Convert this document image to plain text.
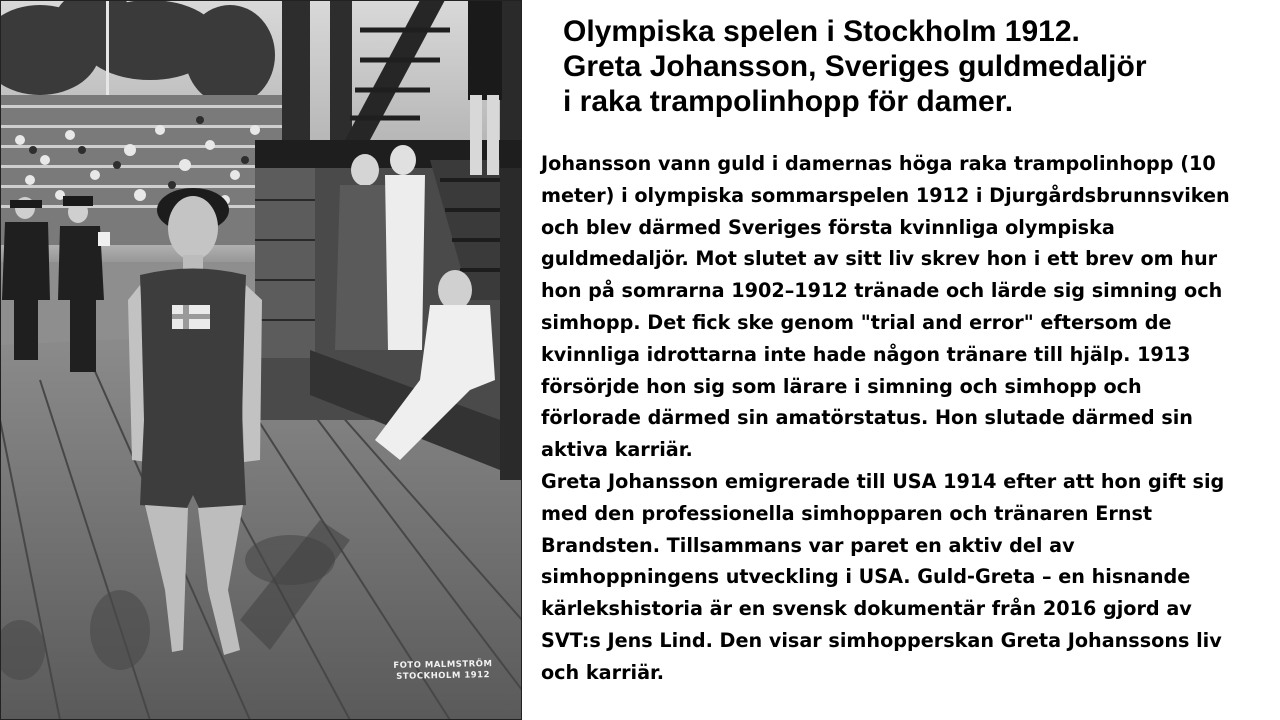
FOTO MALMSTRÖM
STOCKHOLM 1912
Olympiska spelen i Stockholm 1912.
Greta Johansson, Sveriges guldmedaljör
i raka trampolinhopp för damer.
Johansson vann guld i damernas höga raka trampolinhopp (10
meter) i olympiska sommarspelen 1912 i Djurgårdsbrunnsviken
och blev därmed Sveriges första kvinnliga olympiska
guldmedaljör. Mot slutet av sitt liv skrev hon i ett brev om hur
hon på somrarna 1902–1912 tränade och lärde sig simning och
simhopp. Det fick ske genom "trial and error" eftersom de
kvinnliga idrottarna inte hade någon tränare till hjälp. 1913
försörjde hon sig som lärare i simning och simhopp och
förlorade därmed sin amatörstatus. Hon slutade därmed sin
aktiva karriär.
Greta Johansson emigrerade till USA 1914 efter att hon gift sig
med den professionella simhopparen och tränaren Ernst
Brandsten. Tillsammans var paret en aktiv del av
simhoppningens utveckling i USA. Guld-Greta – en hisnande
kärlekshistoria är en svensk dokumentär från 2016 gjord av
SVT:s Jens Lind. Den visar simhopperskan Greta Johanssons liv
och karriär.
